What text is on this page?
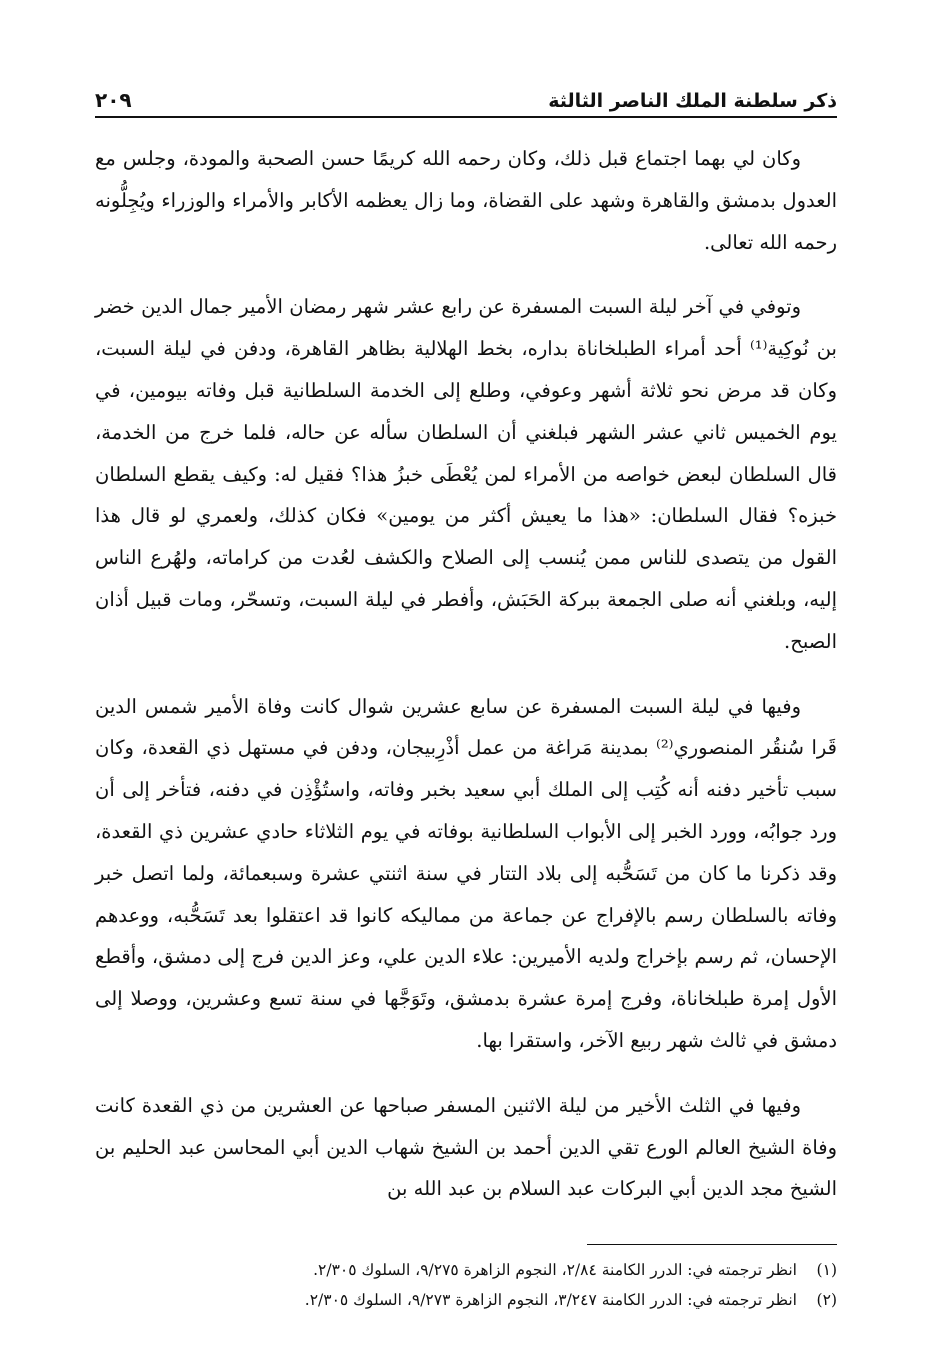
ذكر سلطنة الملك الناصر الثالثة
٢٠٩

وكان لي بهما اجتماع قبل ذلك، وكان رحمه الله كريمًا حسن الصحبة والمودة، وجلس مع العدول بدمشق والقاهرة وشهد على القضاة، وما زال يعظمه الأكابر والأمراء والوزراء ويُجِلُّونه رحمه الله تعالى.

وتوفي في آخر ليلة السبت المسفرة عن رابع عشر شهر رمضان الأمير جمال الدين خضر بن نُوكِية⁽¹⁾ أحد أمراء الطبلخاناة بداره، بخط الهلالية بظاهر القاهرة، ودفن في ليلة السبت، وكان قد مرض نحو ثلاثة أشهر وعوفي، وطلع إلى الخدمة السلطانية قبل وفاته بيومين، في يوم الخميس ثاني عشر الشهر فبلغني أن السلطان سأله عن حاله، فلما خرج من الخدمة، قال السلطان لبعض خواصه من الأمراء لمن يُعْطَى خبزُ هذا؟ فقيل له: وكيف يقطع السلطان خبزه؟ فقال السلطان: «هذا ما يعيش أكثر من يومين» فكان كذلك، ولعمري لو قال هذا القول من يتصدى للناس ممن يُنسب إلى الصلاح والكشف لعُدت من كراماته، ولهُرع الناس إليه، وبلغني أنه صلى الجمعة ببركة الحَبَش، وأفطر في ليلة السبت، وتسحّر، ومات قبيل أذان الصبح.

وفيها في ليلة السبت المسفرة عن سابع عشرين شوال كانت وفاة الأمير شمس الدين قَرا سُنقُر المنصوري⁽²⁾ بمدينة مَراغة من عمل أذْرِبيجان، ودفن في مستهل ذي القعدة، وكان سبب تأخير دفنه أنه كُتِب إلى الملك أبي سعيد بخبر وفاته، واستُؤْذِن في دفنه، فتأخر إلى أن ورد جوابُه، وورد الخبر إلى الأبواب السلطانية بوفاته في يوم الثلاثاء حادي عشرين ذي القعدة، وقد ذكرنا ما كان من تَسَحُّبه إلى بلاد التتار في سنة اثنتي عشرة وسبعمائة، ولما اتصل خبر وفاته بالسلطان رسم بالإفراج عن جماعة من مماليكه كانوا قد اعتقلوا بعد تَسَحُّبه، ووعدهم الإحسان، ثم رسم بإخراج ولديه الأميرين: علاء الدين علي، وعز الدين فرج إلى دمشق، وأقطع الأول إمرة طبلخاناة، وفرج إمرة عشرة بدمشق، وتَوَجَّها في سنة تسع وعشرين، ووصلا إلى دمشق في ثالث شهر ربيع الآخر، واستقرا بها.

وفيها في الثلث الأخير من ليلة الاثنين المسفر صباحها عن العشرين من ذي القعدة كانت وفاة الشيخ العالم الورع تقي الدين أحمد بن الشيخ شهاب الدين أبي المحاسن عبد الحليم بن الشيخ مجد الدين أبي البركات عبد السلام بن عبد الله بن

(١)
انظر ترجمته في: الدرر الكامنة ٢/٨٤، النجوم الزاهرة ٩/٢٧٥، السلوك ٢/٣٠٥.
(٢)
انظر ترجمته في: الدرر الكامنة ٣/٢٤٧، النجوم الزاهرة ٩/٢٧٣، السلوك ٢/٣٠٥.
